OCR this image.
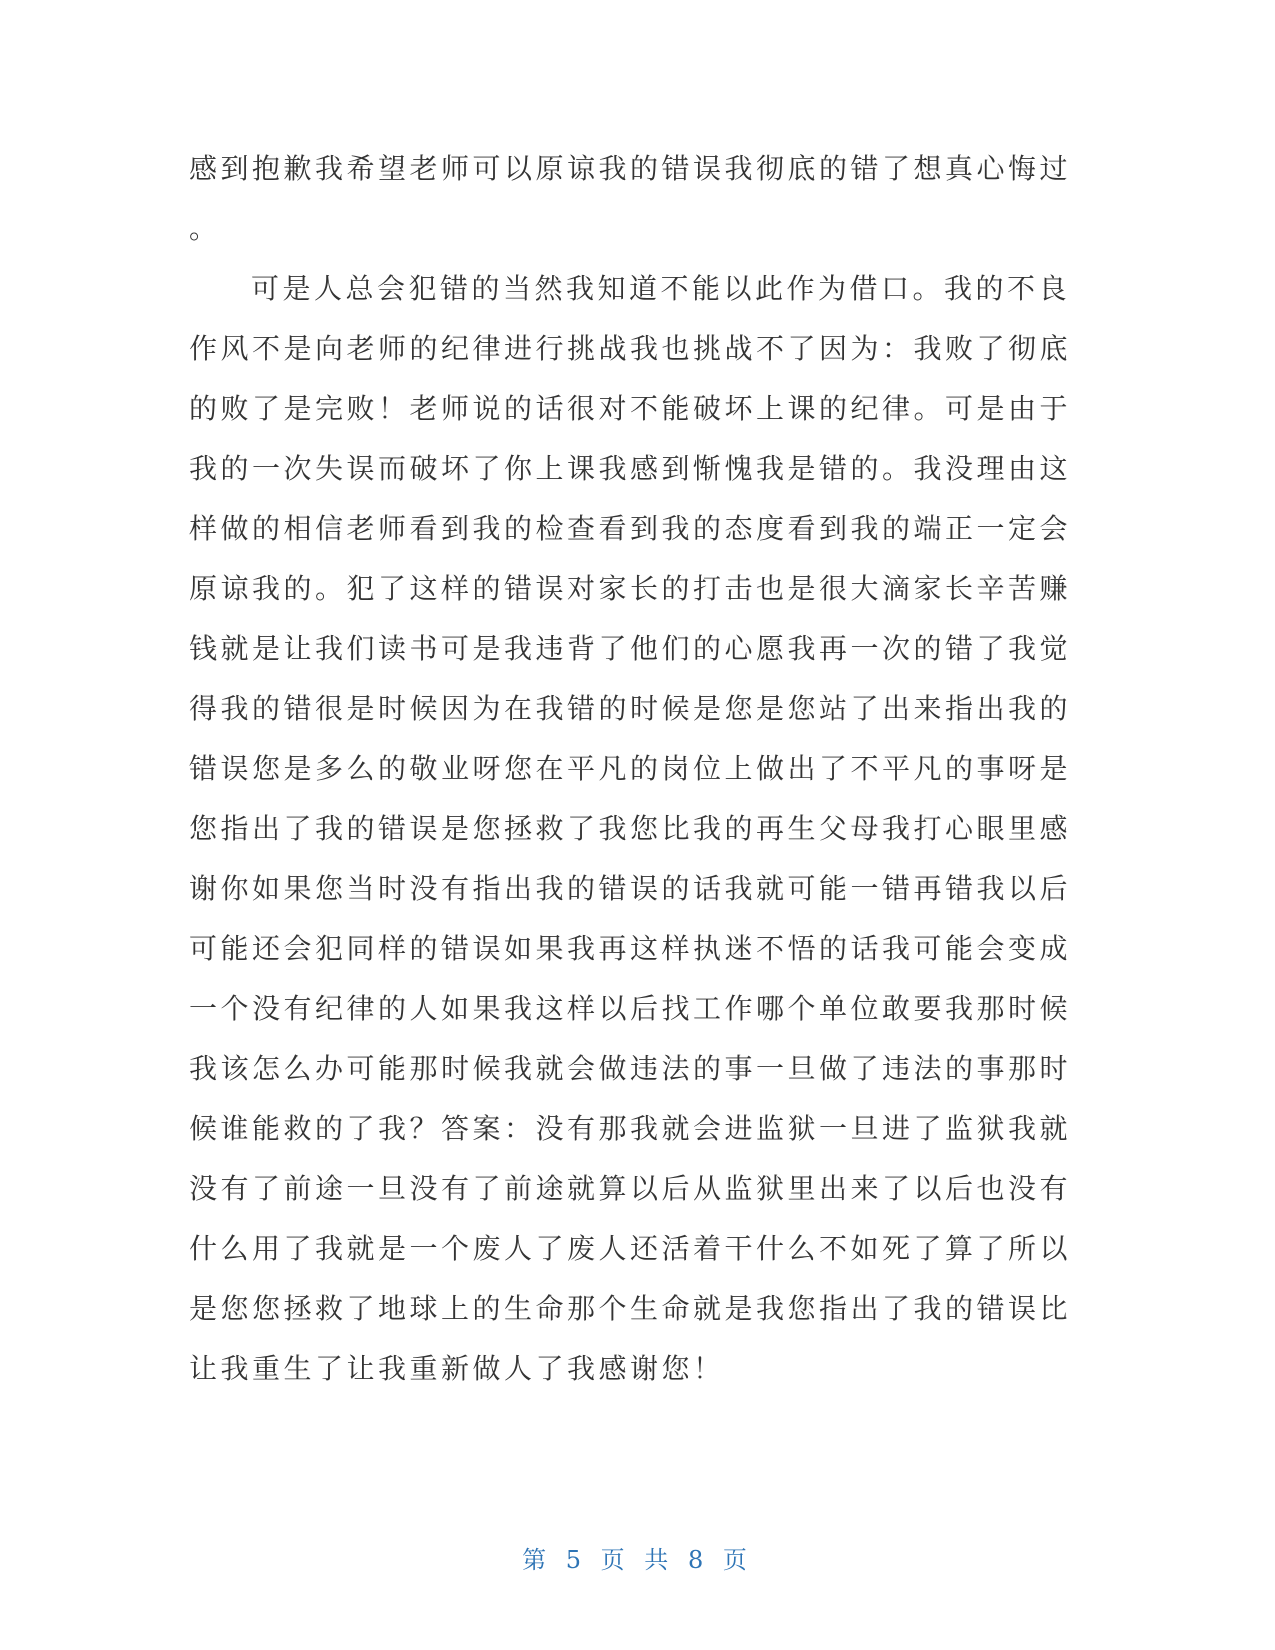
感到抱歉我希望老师可以原谅我的错误我彻底的错了想真心悔过
。
可是人总会犯错的当然我知道不能以此作为借口。我的不良
作风不是向老师的纪律进行挑战我也挑战不了因为：我败了彻底
的败了是完败！老师说的话很对不能破坏上课的纪律。可是由于
我的一次失误而破坏了你上课我感到惭愧我是错的。我没理由这
样做的相信老师看到我的检查看到我的态度看到我的端正一定会
原谅我的。犯了这样的错误对家长的打击也是很大滴家长辛苦赚
钱就是让我们读书可是我违背了他们的心愿我再一次的错了我觉
得我的错很是时候因为在我错的时候是您是您站了出来指出我的
错误您是多么的敬业呀您在平凡的岗位上做出了不平凡的事呀是
您指出了我的错误是您拯救了我您比我的再生父母我打心眼里感
谢你如果您当时没有指出我的错误的话我就可能一错再错我以后
可能还会犯同样的错误如果我再这样执迷不悟的话我可能会变成
一个没有纪律的人如果我这样以后找工作哪个单位敢要我那时候
我该怎么办可能那时候我就会做违法的事一旦做了违法的事那时
候谁能救的了我？答案：没有那我就会进监狱一旦进了监狱我就
没有了前途一旦没有了前途就算以后从监狱里出来了以后也没有
什么用了我就是一个废人了废人还活着干什么不如死了算了所以
是您您拯救了地球上的生命那个生命就是我您指出了我的错误比
让我重生了让我重新做人了我感谢您！
第 5 页 共 8 页
